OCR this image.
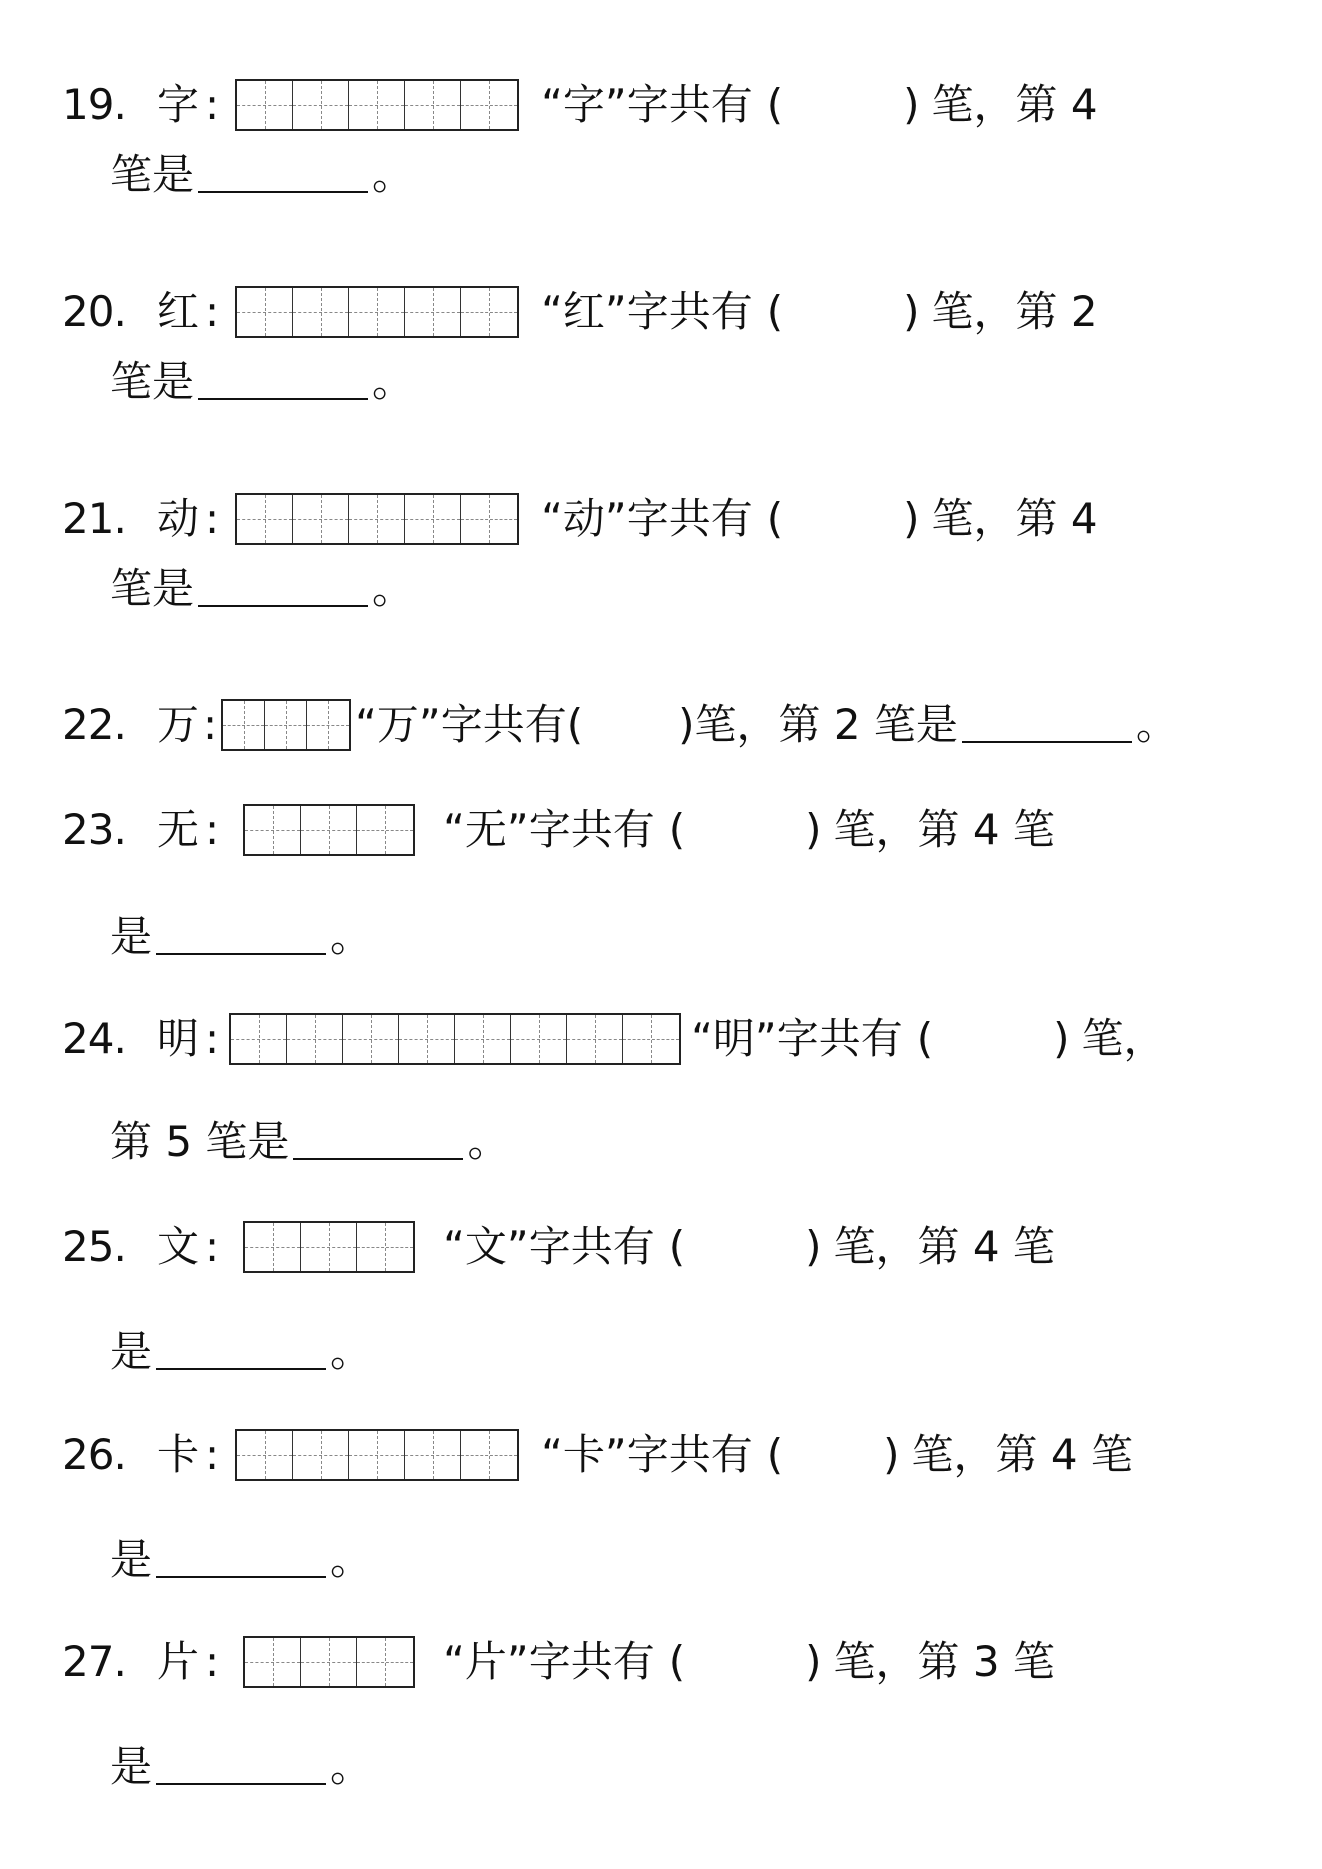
19. 字 :	“字”字共有 (	) 笔，第 4
笔是	。
20. 红 :	“红”字共有 (	) 笔，第 2
笔是	。
21. 动 :	“动”字共有 (	) 笔，第 4
笔是	。
22. 万 :	“万”字共有 ( ) 笔，第 2 笔是	。
23. 无 :	“无”字共有 (	) 笔，第 4 笔
是	。
24. 明 :	“明”字共有 (	) 笔，
第 5 笔是	。
25. 文 :	“文”字共有 (	) 笔，第 4 笔
是	。
26. 卡 :	“卡”字共有 ( ) 笔，第 4 笔
是	。
27. 片 :	“片”字共有 (	) 笔，第 3 笔
是	。
